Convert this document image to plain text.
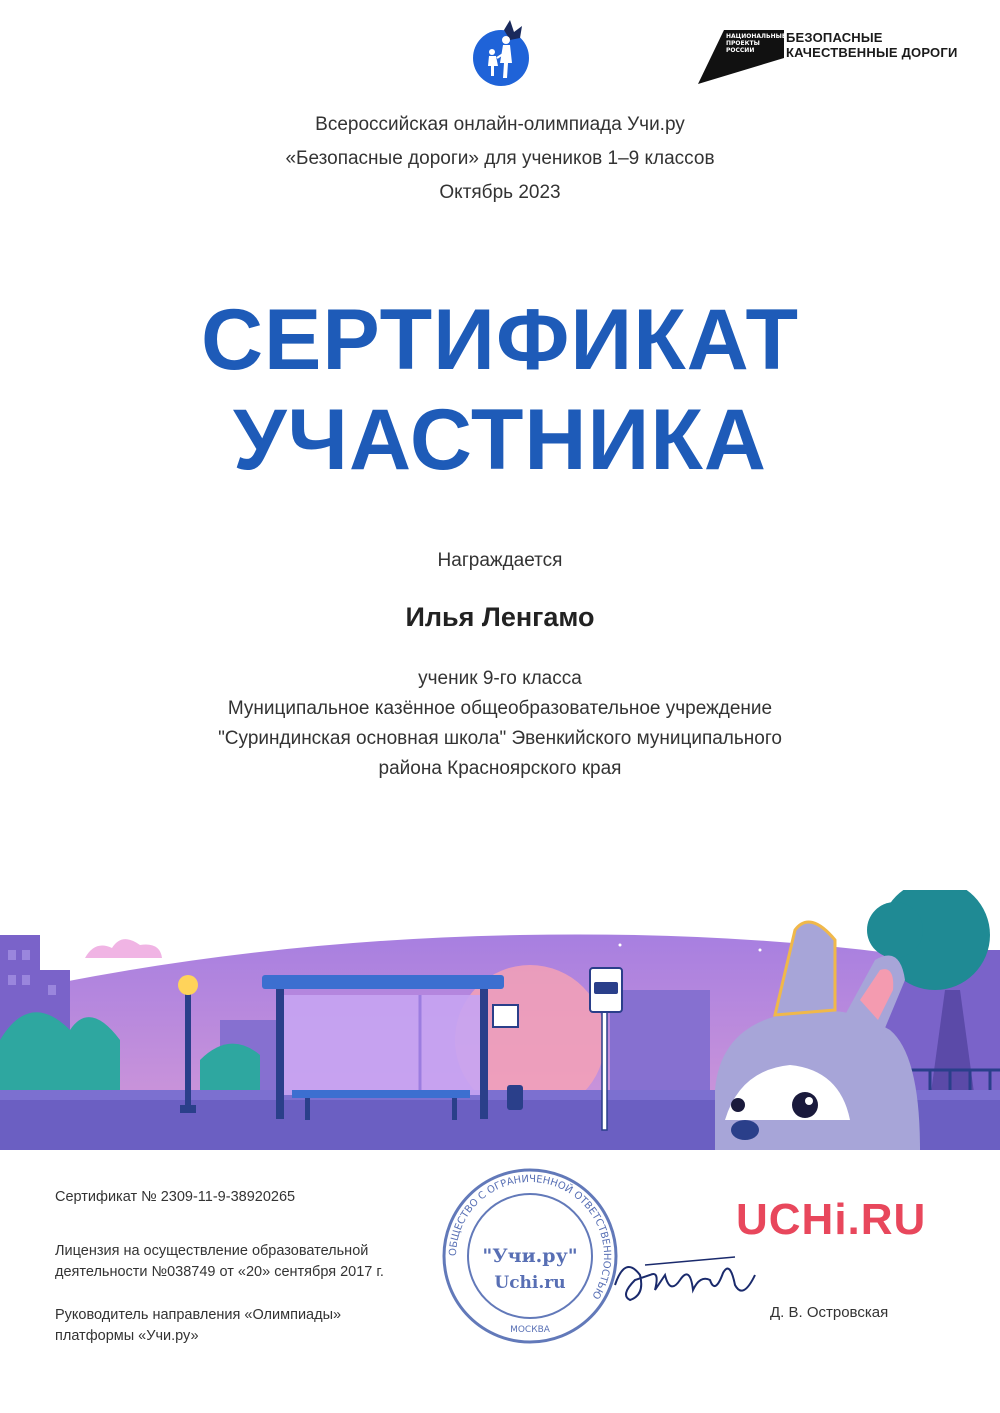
НАЦИОНАЛЬНЫЕ
ПРОЕКТЫ
РОССИИ
БЕЗОПАСНЫЕ
КАЧЕСТВЕННЫЕ ДОРОГИ
Всероссийская онлайн-олимпиада Учи.ру
«Безопасные дороги» для учеников 1–9 классов
Октябрь 2023
СЕРТИФИКАТ
УЧАСТНИКА
Награждается
Илья Ленгамо
ученик 9-го класса
Муниципальное казённое общеобразовательное учреждение
"Суриндинская основная школа" Эвенкийского муниципального
района Красноярского края
Сертификат № 2309-11-9-38920265
Лицензия на осуществление образовательной
деятельности №038749 от «20» сентября 2017 г.
Руководитель направления «Олимпиады»
платформы «Учи.ру»
ОБЩЕСТВО С ОГРАНИЧЕННОЙ ОТВЕТСТВЕННОСТЬЮ
"Учи.ру"
Uchi.ru
МОСКВА
UCHi.RU
Д. В. Островская
